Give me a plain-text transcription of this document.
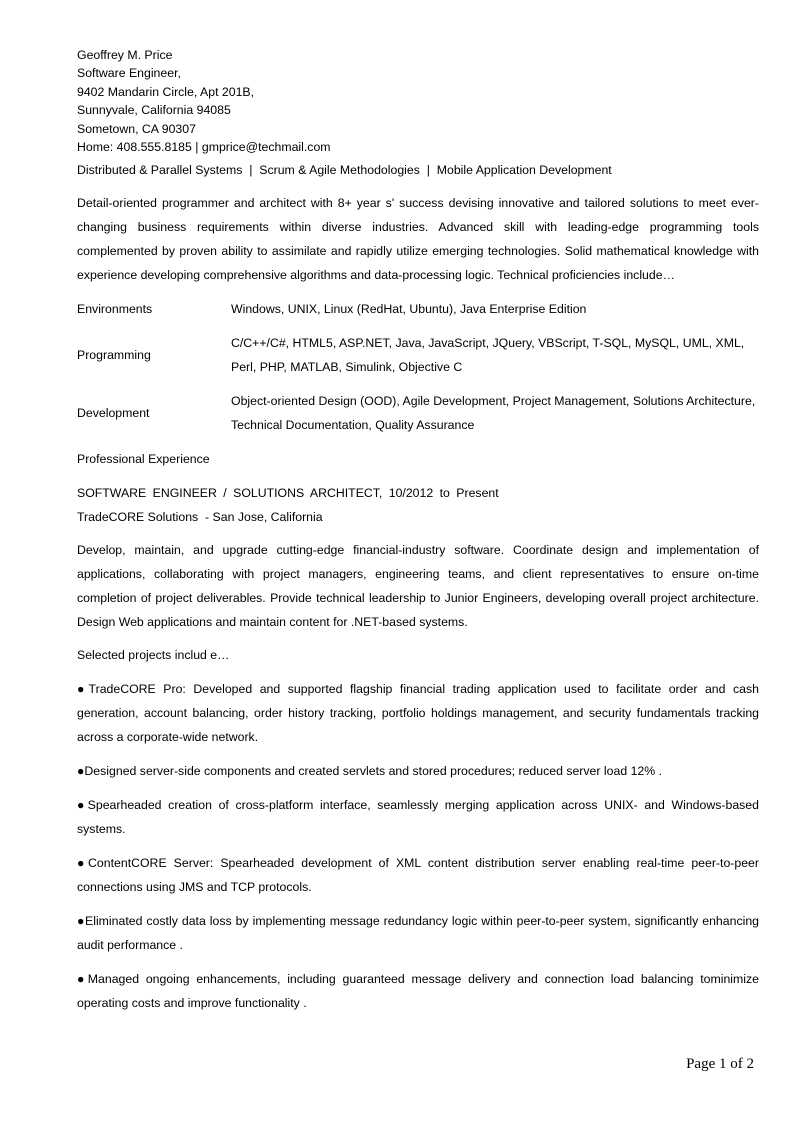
Geoffrey M. Price
Software Engineer,
9402 Mandarin Circle, Apt 201B,
Sunnyvale, California 94085
Sometown, CA 90307
Home: 408.555.8185 | gmprice@techmail.com
Distributed & Parallel Systems  |  Scrum & Agile Methodologies  |  Mobile Application Development
Detail-oriented programmer and architect with 8+ year s' success devising innovative and tailored solutions to meet ever-changing business requirements within diverse industries. Advanced skill with leading-edge programming tools complemented by proven ability to assimilate and rapidly utilize emerging technologies. Solid mathematical knowledge with experience developing comprehensive algorithms and data-processing logic. Technical proficiencies include…
Environments	Windows, UNIX, Linux (RedHat, Ubuntu), Java Enterprise Edition
Programming	C/C++/C#, HTML5, ASP.NET, Java, JavaScript, JQuery, VBScript, T-SQL, MySQL, UML, XML, Perl, PHP, MATLAB, Simulink, Objective C
Development	Object-oriented Design (OOD), Agile Development, Project Management, Solutions Architecture, Technical Documentation, Quality Assurance
Professional Experience
SOFTWARE ENGINEER / SOLUTIONS ARCHITECT, 10/2012 to Present
TradeCORE Solutions  - San Jose, California
Develop, maintain, and upgrade cutting-edge financial-industry software. Coordinate design and implementation of applications, collaborating with project managers, engineering teams, and client representatives to ensure on-time completion of project deliverables. Provide technical leadership to Junior Engineers, developing overall project architecture. Design Web applications and maintain content for .NET-based systems.
Selected projects includ e…
●TradeCORE Pro: Developed and supported flagship financial trading application used to facilitate order and cash generation, account balancing, order history tracking, portfolio holdings management, and security fundamentals tracking across a corporate-wide network.
●Designed server-side components and created servlets and stored procedures; reduced server load 12% .
●Spearheaded creation of cross-platform interface, seamlessly merging application across UNIX- and Windows-based systems.
●ContentCORE Server: Spearheaded development of XML content distribution server enabling real-time peer-to-peer connections using JMS and TCP protocols.
●Eliminated costly data loss by implementing message redundancy logic within peer-to-peer system, significantly enhancing audit performance .
●Managed ongoing enhancements, including guaranteed message delivery and connection load balancing tominimize operating costs and improve functionality .
Page 1 of 2
